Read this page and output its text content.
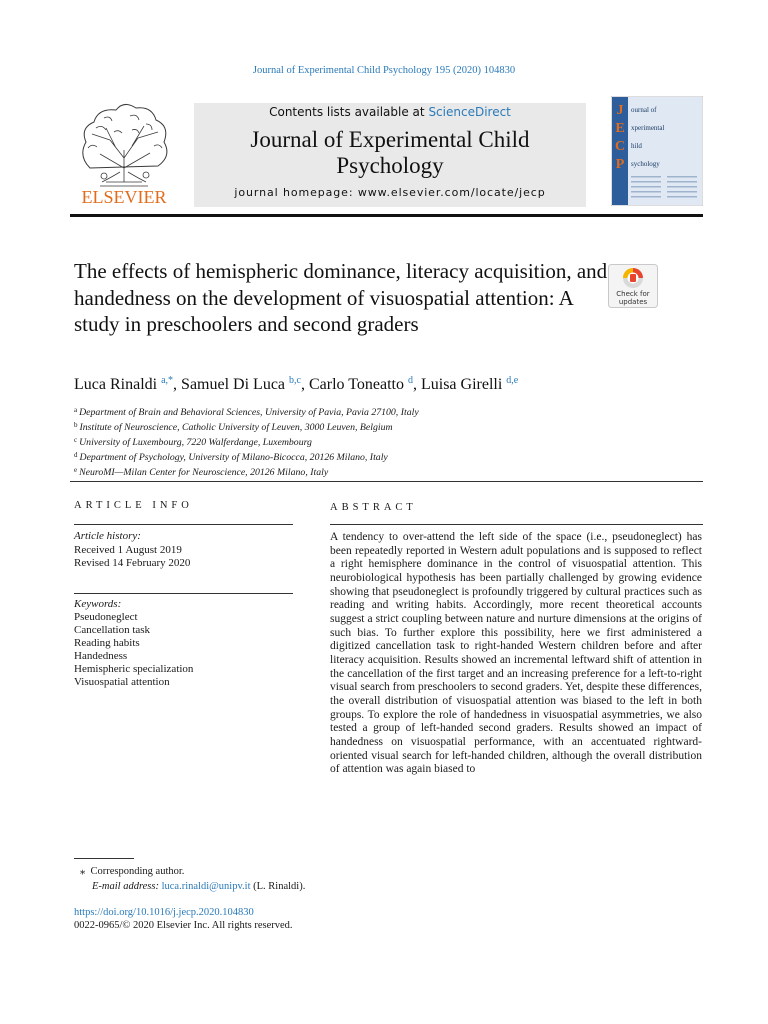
Journal of Experimental Child Psychology 195 (2020) 104830
ELSEVIER
Contents lists available at ScienceDirect
Journal of Experimental Child Psychology
journal homepage: www.elsevier.com/locate/jecp
J
E
C
P
ournal of
xperimental
hild
sychology
The effects of hemispheric dominance, literacy acquisition, and handedness on the development of visuospatial attention: A study in preschoolers and second graders
Check for
updates
Luca Rinaldi $^{a,*}$, Samuel Di Luca $^{b,c}$, Carlo Toneatto $^d$, Luisa Girelli $^{d,e}$
$^a$ Department of Brain and Behavioral Sciences, University of Pavia, Pavia 27100, Italy
$^b$ Institute of Neuroscience, Catholic University of Leuven, 3000 Leuven, Belgium
$^c$ University of Luxembourg, 7220 Walferdange, Luxembourg
$^d$ Department of Psychology, University of Milano-Bicocca, 20126 Milano, Italy
$^e$ NeuroMI—Milan Center for Neuroscience, 20126 Milano, Italy
ARTICLE INFO
Article history:
Received 1 August 2019
Revised 14 February 2020
Keywords:
Pseudoneglect
Cancellation task
Reading habits
Handedness
Hemispheric specialization
Visuospatial attention
ABSTRACT
A tendency to over-attend the left side of the space (i.e., pseudoneglect) has been repeatedly reported in Western adult populations and is supposed to reflect a right hemisphere dominance in the control of visuospatial attention. This neurobiological hypothesis has been partially challenged by growing evidence showing that pseudoneglect is profoundly triggered by cultural practices such as reading and writing habits. Accordingly, more recent theoretical accounts suggest a strict coupling between nature and nurture dimensions at the origins of such bias. To further explore this possibility, here we first administered a digitized cancellation task to right-handed Western children before and after literacy acquisition. Results showed an incremental leftward shift of attention in the cancellation of the first target and an increasing preference for a left-to-right visual search from preschoolers to second graders. Yet, despite these differences, the overall distribution of visuospatial attention was biased to the left in both groups. To explore the role of handedness in visuospatial asymmetries, we also tested a group of left-handed second graders. Results showed an impact of handedness on visuospatial performance, with an accentuated rightward-oriented visual search for left-handed children, although the overall distribution of attention was again biased to
⁎ Corresponding author.
E-mail address: luca.rinaldi@unipv.it (L. Rinaldi).
https://doi.org/10.1016/j.jecp.2020.104830
0022-0965/© 2020 Elsevier Inc. All rights reserved.
